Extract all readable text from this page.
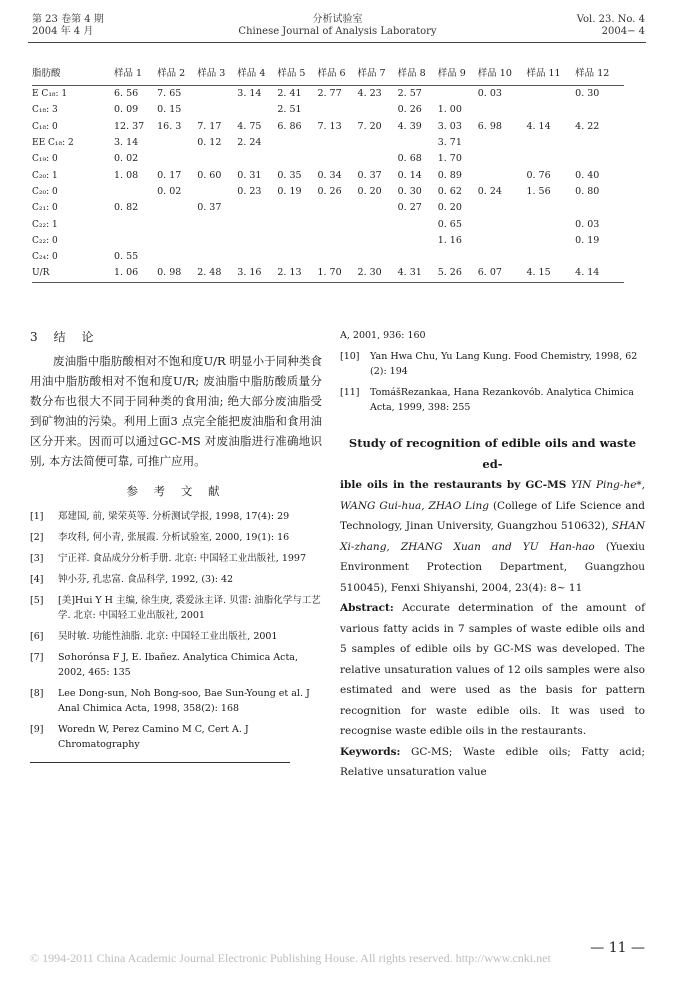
第 23 卷第 4 期
2004 年 4 月
分析试验室
Chinese Journal of Analysis Laboratory
Vol. 23. No. 4
2004− 4
脂肪酸	样品 1	样品 2	样品 3	样品 4	样品 5	样品 6	样品 7	样品 8	样品 9	样品 10	样品 11	样品 12
E C₁₈: 1	6. 56	7. 65		3. 14	2. 41	2. 77	4. 23	2. 57		0. 03		0. 30
C₁₈: 3	0. 09	0. 15			2. 51			0. 26	1. 00			
C₁₈: 0	12. 37	16. 3	7. 17	4. 75	6. 86	7. 13	7. 20	4. 39	3. 03	6. 98	4. 14	4. 22
EE C₁₈: 2	3. 14		0. 12	2. 24					3. 71			
C₁₉: 0	0. 02							0. 68	1. 70			
C₂₀: 1	1. 08	0. 17	0. 60	0. 31	0. 35	0. 34	0. 37	0. 14	0. 89		0. 76	0. 40
C₂₀: 0		0. 02		0. 23	0. 19	0. 26	0. 20	0. 30	0. 62	0. 24	1. 56	0. 80
C₂₁: 0	0. 82		0. 37					0. 27	0. 20			
C₂₂: 1									0. 65			0. 03
C₂₂: 0									1. 16			0. 19
C₂₄: 0	0. 55											
U/R	1. 06	0. 98	2. 48	3. 16	2. 13	1. 70	2. 30	4. 31	5. 26	6. 07	4. 15	4. 14
3 结 论

废油脂中脂肪酸相对不饱和度U/R 明显小于同种类食用油中脂肪酸相对不饱和度U/R; 废油脂中脂肪酸质量分数分布也很大不同于同种类的食用油; 绝大部分废油脂受到矿物油的污染。利用上面3 点完全能把废油脂和食用油区分开来。因而可以通过GC-MS 对废油脂进行准确地识别, 本方法简便可靠, 可推广应用。

参 考 文 献
[1] 郑建国, 前, 梁荣英等. 分析测试学报, 1998, 17(4): 29
[2] 李攻科, 何小青, 张展霞. 分析试验室, 2000, 19(1): 16
[3] 宁正祥. 食品成分分析手册. 北京: 中国轻工业出版社, 1997
[4] 钟小芬, 孔忠富. 食品科学, 1992, (3): 42
[5] [美]Hui Y H 主编, 徐生庚, 裘爱泳主译. 贝雷: 油脂化学与工艺学. 北京: 中国轻工业出版社, 2001
[6] 吴时敏. 功能性油脂. 北京: 中国轻工业出版社, 2001
[7] Sσhorónsa F J, E. Ibañez. Analytica Chimica Acta, 2002, 465: 135
[8] Lee Dong-sun, Noh Bong-soo, Bae Sun-Young et al. J Anal Chimica Acta, 1998, 358(2): 168
[9] Woredn W, Perez Camino M C, Cert A. J Chromatography
A, 2001, 936: 160
[10] Yan Hwa Chu, Yu Lang Kung. Food Chemistry, 1998, 62 (2): 194
[11] TomášRezankaa, Hana Rezankovób. Analytica Chimica Acta, 1999, 398: 255
Study of recognition of edible oils and waste ed-

ible oils in the restaurants by GC-MS YIN Ping-he*, WANG Gui-hua, ZHAO Ling (College of Life Science and Technology, Jinan University, Guangzhou 510632), SHAN Xi-zhang, ZHANG Xuan and YU Han-hao (Yuexiu Environment Protection Department, Guangzhou 510045), Fenxi Shiyanshi, 2004, 23(4): 8~ 11
Abstract: Accurate determination of the amount of various fatty acids in 7 samples of waste edible oils and 5 samples of edible oils by GC-MS was developed. The relative unsaturation values of 12 oils samples were also estimated and were used as the basis for pattern recognition for waste edible oils. It was used to recognise waste edible oils in the restaurants.
Keywords: GC-MS; Waste edible oils; Fatty acid; Relative unsaturation value

— 11 —
© 1994-2011 China Academic Journal Electronic Publishing House. All rights reserved. http://www.cnki.net
